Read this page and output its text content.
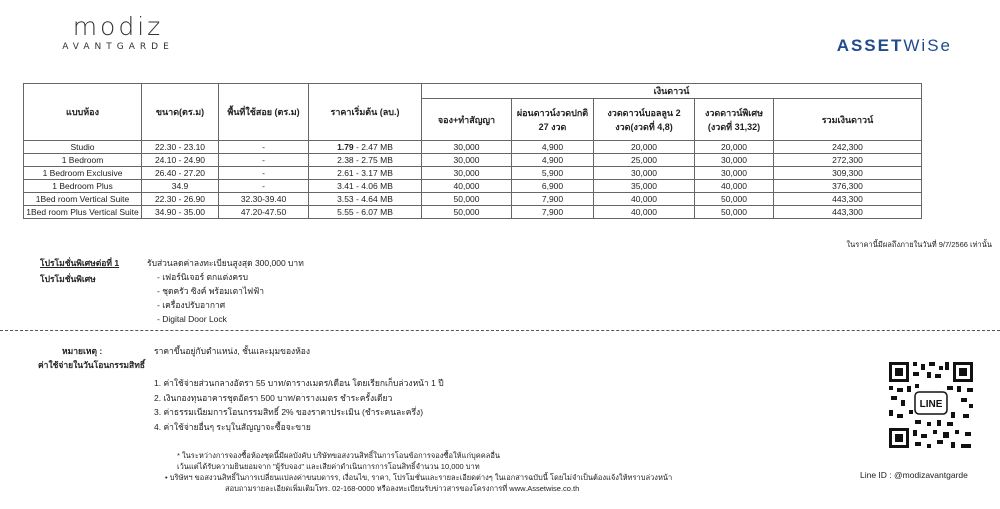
modiz
AVANTGARDE	ASSETWiSe
แบบห้อง	ขนาด(ตร.ม)	พื้นที่ใช้สอย (ตร.ม)	ราคาเริ่มต้น (ลบ.)	เงินดาวน์				
				จอง+ทำสัญญา	ผ่อนดาวน์งวดปกติ 27 งวด	งวดดาวน์บอลลูน 2 งวด(งวดที่ 4,8)	งวดดาวน์พิเศษ (งวดที่ 31,32)	รวมเงินดาวน์
Studio	22.30 - 23.10	-	1.79 - 2.47 MB	30,000	4,900	20,000	20,000	242,300
1 Bedroom	24.10 - 24.90	-	2.38 - 2.75 MB	30,000	4,900	25,000	30,000	272,300
1 Bedroom Exclusive	26.40 - 27.20	-	2.61 - 3.17 MB	30,000	5,900	30,000	30,000	309,300
1 Bedroom Plus	34.9	-	3.41 - 4.06 MB	40,000	6,900	35,000	40,000	376,300
1Bed room Vertical Suite	22.30 - 26.90	32.30-39.40	3.53 - 4.64 MB	50,000	7,900	40,000	50,000	443,300
1Bed room Plus Vertical Suite	34.90 - 35.00	47.20-47.50	5.55 - 6.07 MB	50,000	7,900	40,000	50,000	443,300
ในราคานี้มีผลถึงภายในวันที่ 9/7/2566 เท่านั้น
โปรโมชั่นพิเศษต่อที่ 1
โปรโมชั่นพิเศษ
รับส่วนลดค่าลงทะเบียนสูงสุด 300,000 บาท
- เฟอร์นิเจอร์ ตกแต่งครบ
- ชุดครัว ซิงค์ พร้อมเตาไฟฟ้า
- เครื่องปรับอากาศ
- Digital Door Lock
หมายเหตุ :
ค่าใช้จ่ายในวันโอนกรรมสิทธิ์
ราคาขึ้นอยู่กับตำแหน่ง, ชั้นและมุมของห้อง
1. ค่าใช้จ่ายส่วนกลางอัตรา 55 บาท/ตารางเมตร/เดือน โดยเรียกเก็บล่วงหน้า 1 ปี
2. เงินกองทุนอาคารชุดอัตรา 500 บาท/ตารางเมตร ชำระครั้งเดียว
3. ค่าธรรมเนียมการโอนกรรมสิทธิ์ 2% ของราคาประเมิน (ชำระคนละครึ่ง)
4. ค่าใช้จ่ายอื่นๆ ระบุในสัญญาจะซื้อจะขาย
* ในระหว่างการจองซื้อห้องชุดนี้มีผลบังคับ บริษัทขอสงวนสิทธิ์ในการโอนข้อการจองซื้อให้แก่บุคคลอื่น
เว้นแต่ได้รับความยินยอมจาก "ผู้รับจอง" และเสียค่าดำเนินการการโอนสิทธิ์จำนวน 10,000 บาท
• บริษัทฯ ขอสงวนสิทธิ์ในการเปลี่ยนแปลงค่าขนบดารร, เงื่อนไข, ราคา, โปรโมชั่นและรายละเอียดต่างๆ ในเอกสารฉบับนี้ โดยไม่จำเป็นต้องแจ้งให้ทราบล่วงหน้า
สอบถามรายละเอียดเพิ่มเติมโทร. 02-168-0000 หรือลงทะเบียนรับข่าวสารของโครงการที่ www.Assetwise.co.th
LINE
Line ID : @modizavantgarde
